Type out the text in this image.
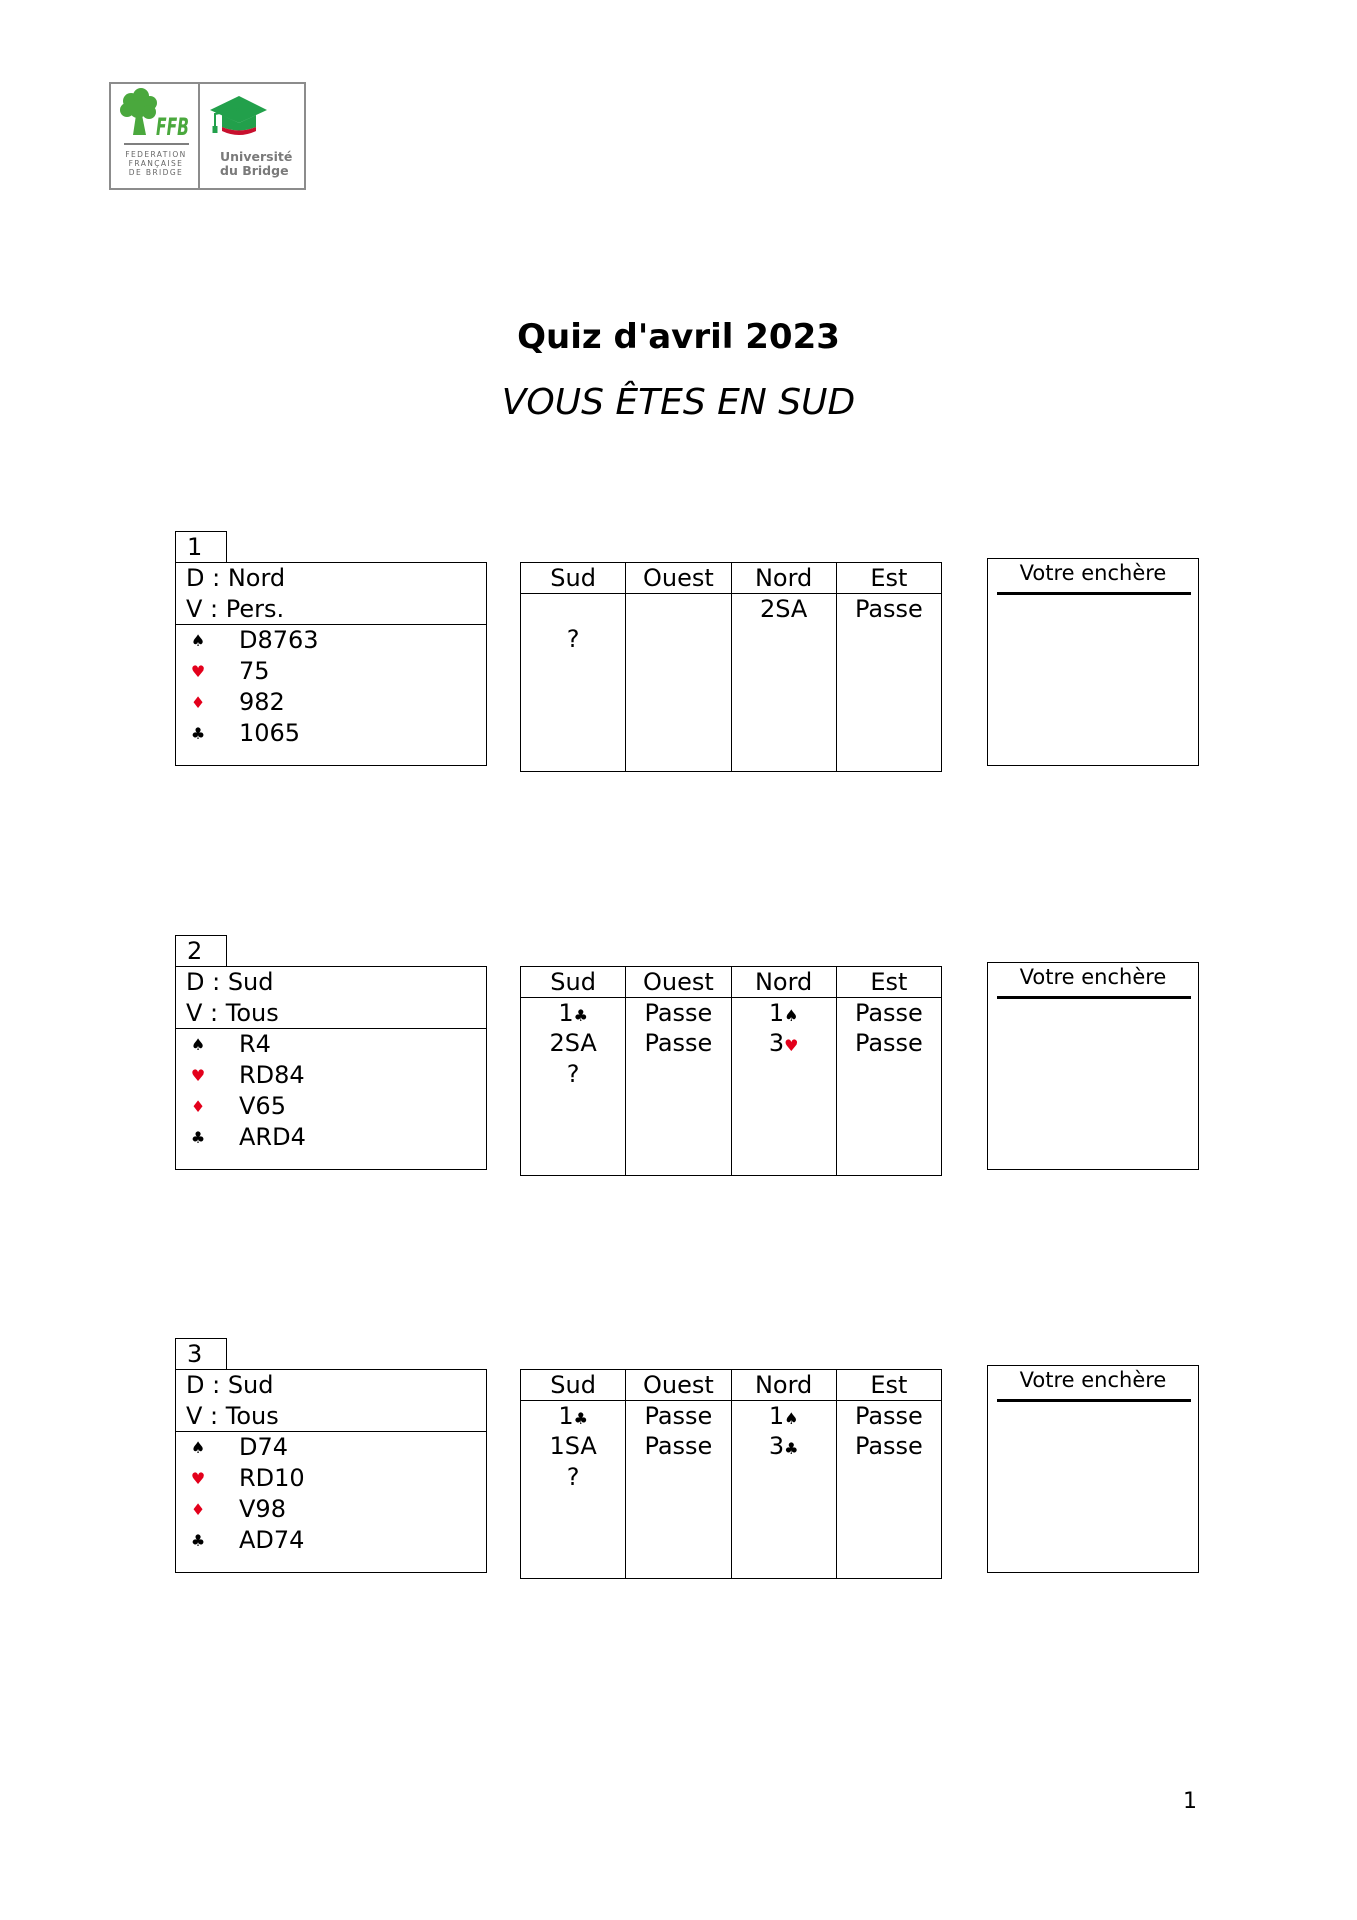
FFB
FEDERATION
FRANÇAISE
DE BRIDGE
Université
du Bridge
Quiz d'avril 2023
VOUS ÊTES EN SUD
1
D : Nord
V : Pers.
♠ D8763
♥ 75
♦ 982
♣ 1065
Sud
?
Ouest	Nord
2SA
Est
Passe
Votre enchère
2
D : Sud
V : Tous
♠ R4
♥ RD84
♦ V65
♣ ARD4
Sud
1♣
2SA
?
Ouest
Passe
Passe
Nord
1♠
3♥
Est
Passe
Passe
Votre enchère
3
D : Sud
V : Tous
♠ D74
♥ RD10
♦ V98
♣ AD74
Sud
1♣
1SA
?
Ouest
Passe
Passe
Nord
1♠
3♣
Est
Passe
Passe
Votre enchère
1
